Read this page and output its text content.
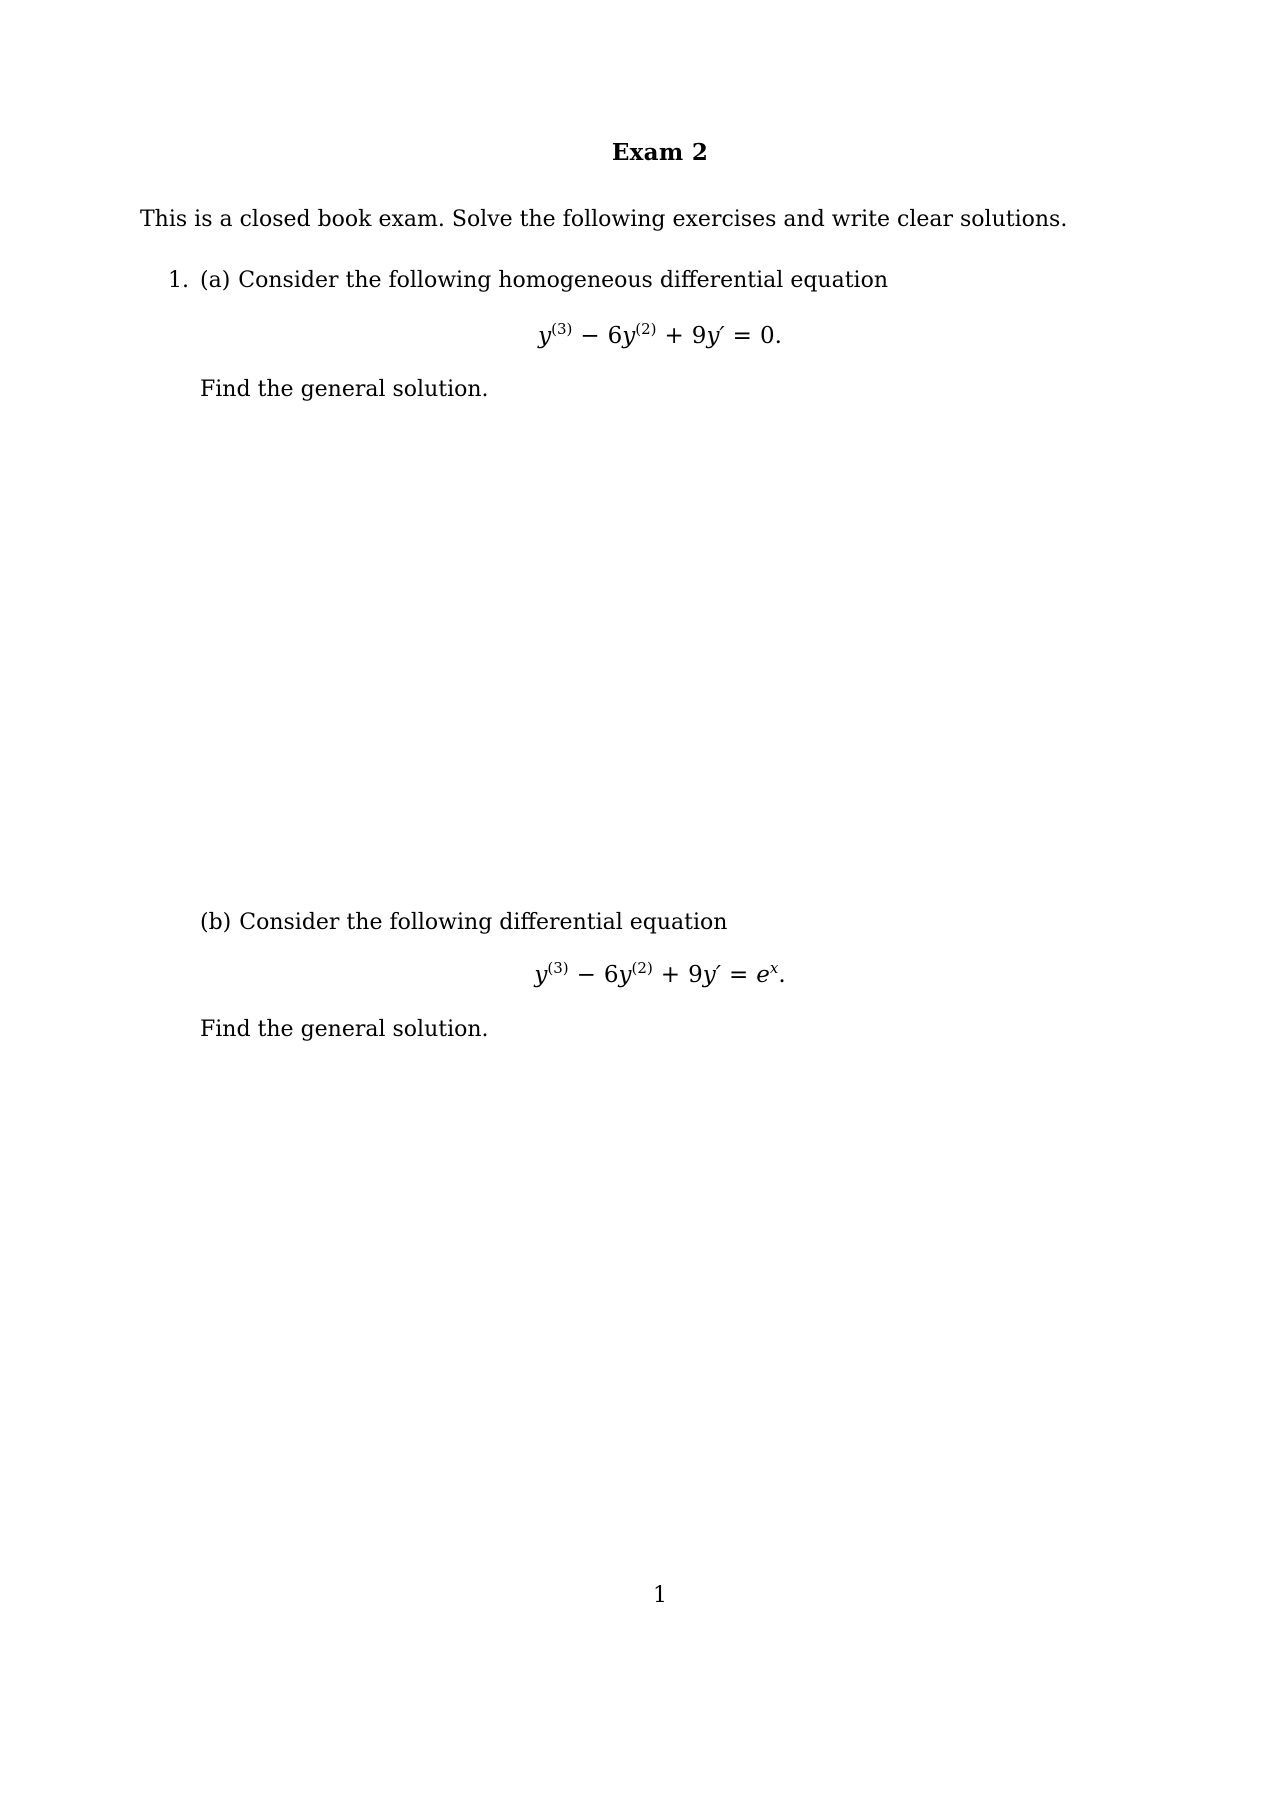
Exam 2
This is a closed book exam. Solve the following exercises and write clear solutions.
1. (a) Consider the following homogeneous differential equation
$y^{(3)} - 6y^{(2)} + 9y' = 0$.
Find the general solution.
(b) Consider the following differential equation
$y^{(3)} - 6y^{(2)} + 9y' = e^x$.
Find the general solution.
1
